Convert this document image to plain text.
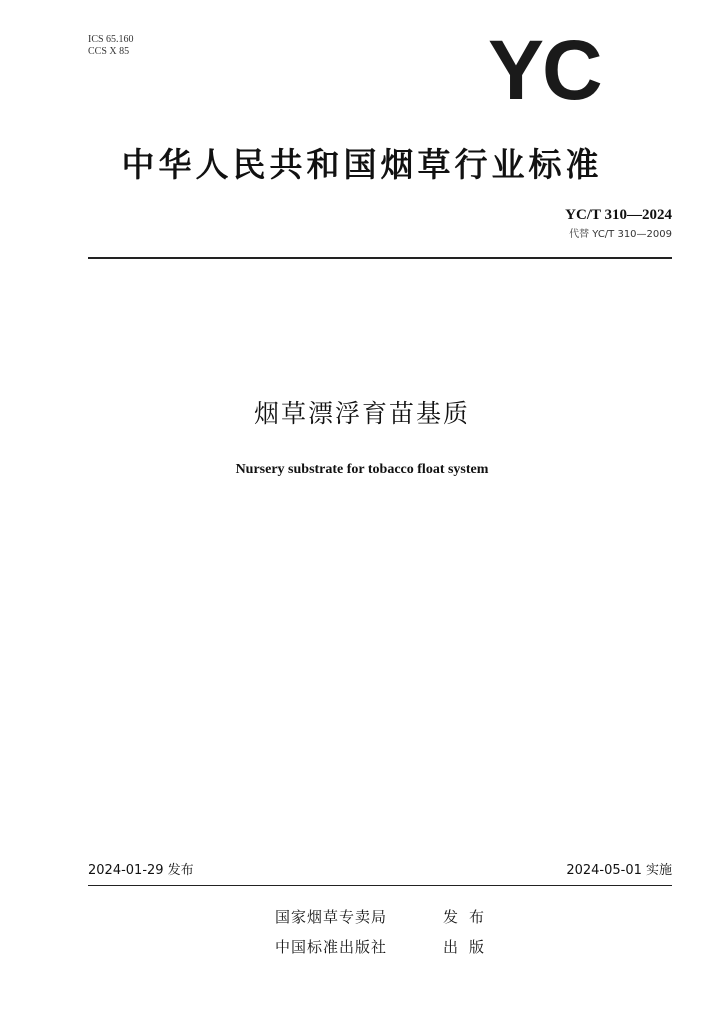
ICS 65.160
CCS X 85	YC
中华人民共和国烟草行业标准
YC/T 310—2024
代替 YC/T 310—2009
烟草漂浮育苗基质
Nursery substrate for tobacco float system
2024-01-29 发布	2024-05-01 实施
国家烟草专卖局	发布
中国标准出版社	出版
